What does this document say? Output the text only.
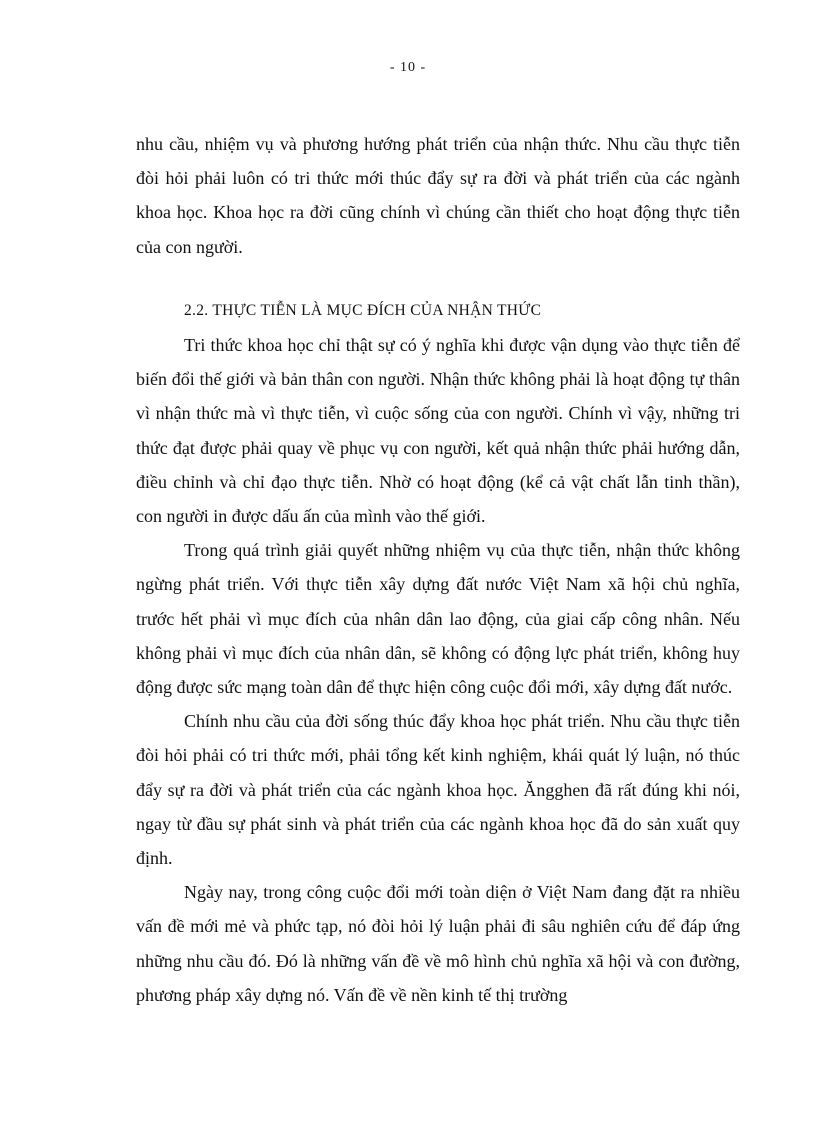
- 10 -

nhu cầu, nhiệm vụ và phương hướng phát triển của nhận thức. Nhu cầu thực tiễn đòi hỏi phải luôn có tri thức mới thúc đẩy sự ra đời và phát triển của các ngành khoa học. Khoa học ra đời cũng chính vì chúng cần thiết cho hoạt động thực tiễn của con người.

2.2. THỰC TIỄN LÀ MỤC ĐÍCH CỦA NHẬN THỨC

Tri thức khoa học chỉ thật sự có ý nghĩa khi được vận dụng vào thực tiễn để biến đổi thế giới và bản thân con người. Nhận thức không phải là hoạt động tự thân vì nhận thức mà vì thực tiễn, vì cuộc sống của con người. Chính vì vậy, những tri thức đạt được phải quay về phục vụ con người, kết quả nhận thức phải hướng dẫn, điều chỉnh và chỉ đạo thực tiễn. Nhờ có hoạt động (kể cả vật chất lẫn tinh thần), con người in được dấu ấn của mình vào thế giới.

Trong quá trình giải quyết những nhiệm vụ của thực tiễn, nhận thức không ngừng phát triển. Với thực tiễn xây dựng đất nước Việt Nam xã hội chủ nghĩa, trước hết phải vì mục đích của nhân dân lao động, của giai cấp công nhân. Nếu không phải vì mục đích của nhân dân, sẽ không có động lực phát triển, không huy động được sức mạng toàn dân để thực hiện công cuộc đổi mới, xây dựng đất nước.

Chính nhu cầu của đời sống thúc đẩy khoa học phát triển. Nhu cầu thực tiễn đòi hỏi phải có tri thức mới, phải tổng kết kinh nghiệm, khái quát lý luận, nó thúc đẩy sự ra đời và phát triển của các ngành khoa học. Ăngghen đã rất đúng khi nói, ngay từ đầu sự phát sinh và phát triển của các ngành khoa học đã do sản xuất quy định.

Ngày nay, trong công cuộc đổi mới toàn diện ở Việt Nam đang đặt ra nhiều vấn đề mới mẻ và phức tạp, nó đòi hỏi lý luận phải đi sâu nghiên cứu để đáp ứng những nhu cầu đó. Đó là những vấn đề về mô hình chủ nghĩa xã hội và con đường, phương pháp xây dựng nó. Vấn đề về nền kinh tế thị trường
